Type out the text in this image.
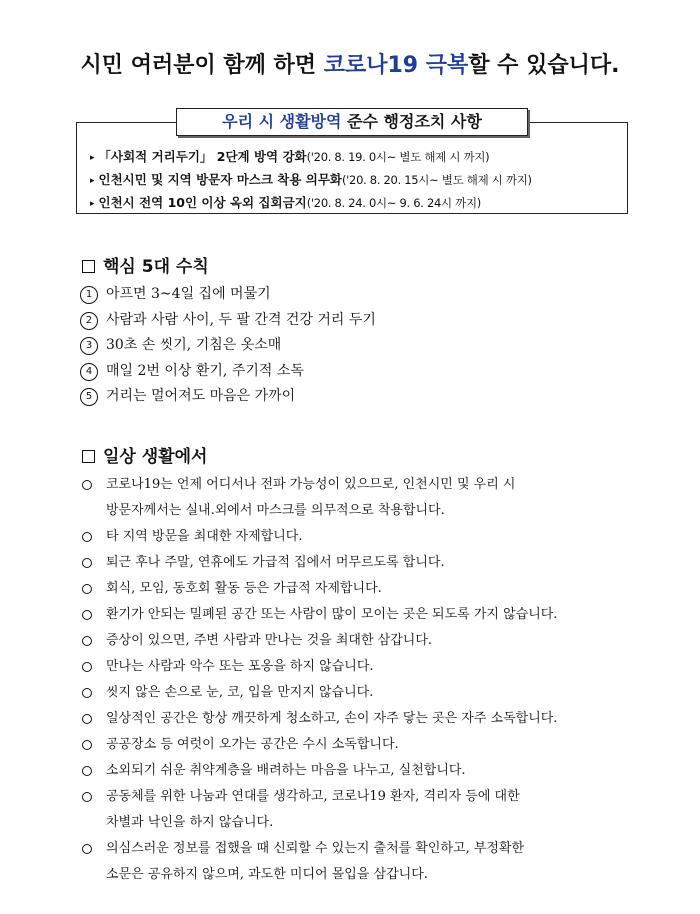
시민 여러분이 함께 하면 코로나19 극복할 수 있습니다.
우리 시 생활방역 준수 행정조치 사항
▸ 「사회적 거리두기」 2단계 방역 강화('20. 8. 19. 0시~ 별도 해제 시 까지)
▸ 인천시민 및 지역 방문자 마스크 착용 의무화('20. 8. 20. 15시~ 별도 해제 시 까지)
▸ 인천시 전역 10인 이상 옥외 집회금지('20. 8. 24. 0시~ 9. 6. 24시 까지)
핵심 5대 수칙
1 아프면 3~4일 집에 머물기
2 사람과 사람 사이, 두 팔 간격 건강 거리 두기
3 30초 손 씻기, 기침은 옷소매
4 매일 2번 이상 환기, 주기적 소독
5 거리는 멀어져도 마음은 가까이
일상 생활에서
코로나19는 언제 어디서나 전파 가능성이 있으므로, 인천시민 및 우리 시
방문자께서는 실내.외에서 마스크를 의무적으로 착용합니다.
타 지역 방문을 최대한 자제합니다.
퇴근 후나 주말, 연휴에도 가급적 집에서 머무르도록 합니다.
회식, 모임, 동호회 활동 등은 가급적 자제합니다.
환기가 안되는 밀폐된 공간 또는 사람이 많이 모이는 곳은 되도록 가지 않습니다.
증상이 있으면, 주변 사람과 만나는 것을 최대한 삼갑니다.
만나는 사람과 악수 또는 포옹을 하지 않습니다.
씻지 않은 손으로 눈, 코, 입을 만지지 않습니다.
일상적인 공간은 항상 깨끗하게 청소하고, 손이 자주 닿는 곳은 자주 소독합니다.
공공장소 등 여럿이 오가는 공간은 수시 소독합니다.
소외되기 쉬운 취약계층을 배려하는 마음을 나누고, 실천합니다.
공동체를 위한 나눔과 연대를 생각하고, 코로나19 환자, 격리자 등에 대한
차별과 낙인을 하지 않습니다.
의심스러운 정보를 접했을 때 신뢰할 수 있는지 출처를 확인하고, 부정확한
소문은 공유하지 않으며, 과도한 미디어 몰입을 삼갑니다.
